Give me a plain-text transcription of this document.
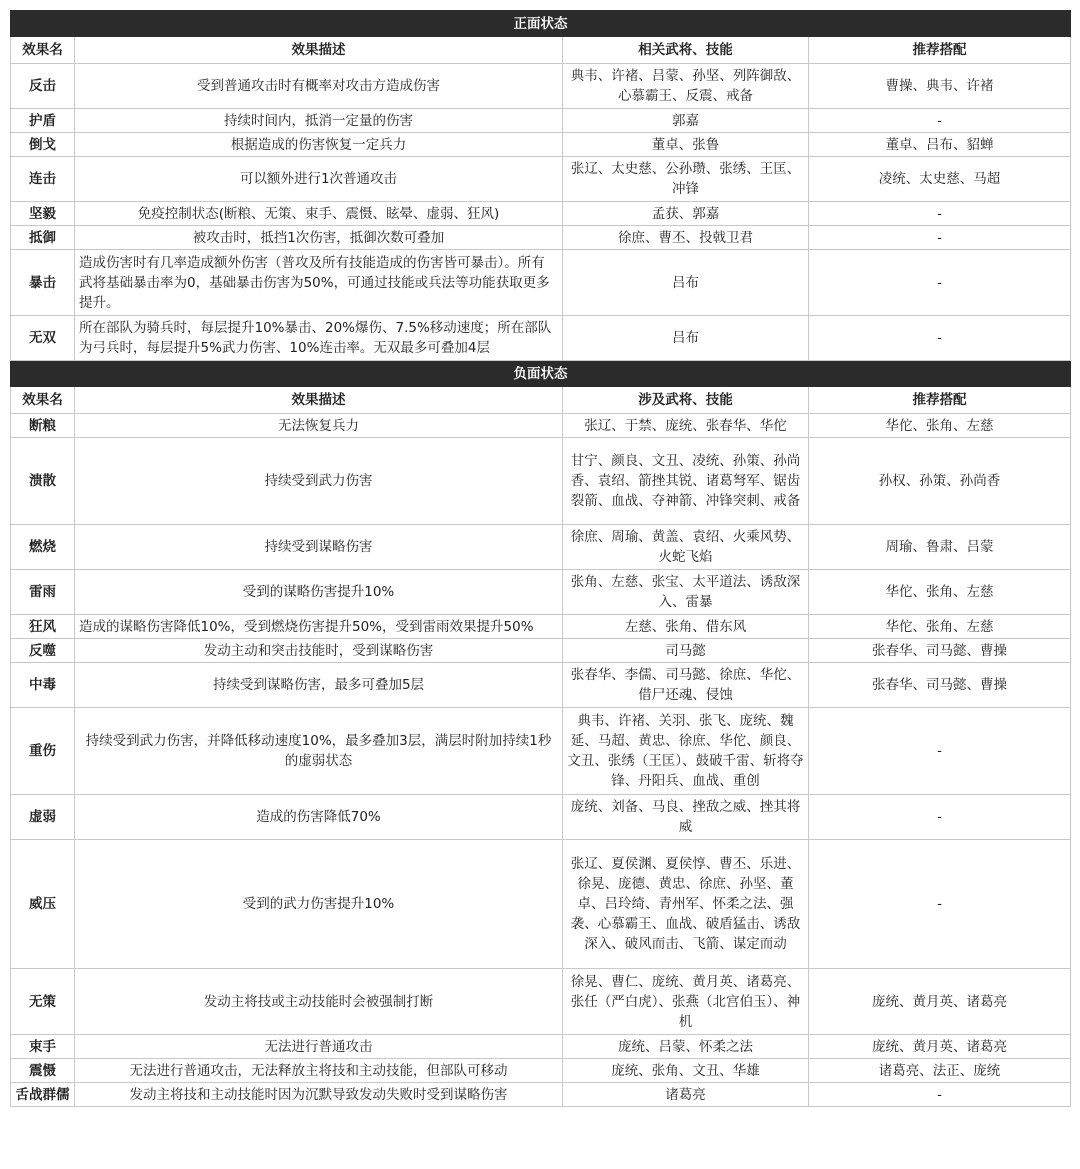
正面状态			
效果名	效果描述	相关武将、技能	推荐搭配
反击	受到普通攻击时有概率对攻击方造成伤害	典韦、许褚、吕蒙、孙坚、列阵御敌、心慕霸王、反震、戒备	曹操、典韦、许褚
护盾	持续时间内，抵消一定量的伤害	郭嘉	-
倒戈	根据造成的伤害恢复一定兵力	董卓、张鲁	董卓、吕布、貂蝉
连击	可以额外进行1次普通攻击	张辽、太史慈、公孙瓒、张绣、王匡、冲锋	凌统、太史慈、马超
坚毅	免疫控制状态(断粮、无策、束手、震慑、眩晕、虚弱、狂风)	孟获、郭嘉	-
抵御	被攻击时，抵挡1次伤害，抵御次数可叠加	徐庶、曹丕、投戟卫君	-
暴击	造成伤害时有几率造成额外伤害（普攻及所有技能造成的伤害皆可暴击）。所有武将基础暴击率为0，基础暴击伤害为50%，可通过技能或兵法等功能获取更多提升。	吕布	-
无双	所在部队为骑兵时，每层提升10%暴击、20%爆伤、7.5%移动速度；所在部队为弓兵时，每层提升5%武力伤害、10%连击率。无双最多可叠加4层	吕布	-
负面状态			
效果名	效果描述	涉及武将、技能	推荐搭配
断粮	无法恢复兵力	张辽、于禁、庞统、张春华、华佗	华佗、张角、左慈
溃散	持续受到武力伤害	甘宁、颜良、文丑、凌统、孙策、孙尚香、袁绍、箭挫其锐、诸葛弩军、锯齿裂箭、血战、夺神箭、冲锋突刺、戒备	孙权、孙策、孙尚香
燃烧	持续受到谋略伤害	徐庶、周瑜、黄盖、袁绍、火乘风势、火蛇飞焰	周瑜、鲁肃、吕蒙
雷雨	受到的谋略伤害提升10%	张角、左慈、张宝、太平道法、诱敌深入、雷暴	华佗、张角、左慈
狂风	造成的谋略伤害降低10%，受到燃烧伤害提升50%，受到雷雨效果提升50%	左慈、张角、借东风	华佗、张角、左慈
反噬	发动主动和突击技能时，受到谋略伤害	司马懿	张春华、司马懿、曹操
中毒	持续受到谋略伤害，最多可叠加5层	张春华、李儒、司马懿、徐庶、华佗、借尸还魂、侵蚀	张春华、司马懿、曹操
重伤	持续受到武力伤害，并降低移动速度10%，最多叠加3层，满层时附加持续1秒的虚弱状态	典韦、许褚、关羽、张飞、庞统、魏延、马超、黄忠、徐庶、华佗、颜良、文丑、张绣（王匡）、鼓破千雷、斩将夺锋、丹阳兵、血战、重创	-
虚弱	造成的伤害降低70%	庞统、刘备、马良、挫敌之威、挫其将威	-
威压	受到的武力伤害提升10%	张辽、夏侯渊、夏侯惇、曹丕、乐进、徐晃、庞德、黄忠、徐庶、孙坚、董卓、吕玲绮、青州军、怀柔之法、强袭、心慕霸王、血战、破盾猛击、诱敌深入、破风而击、飞箭、谋定而动	-
无策	发动主将技或主动技能时会被强制打断	徐晃、曹仁、庞统、黄月英、诸葛亮、张任（严白虎）、张燕（北宫伯玉）、神机	庞统、黄月英、诸葛亮
束手	无法进行普通攻击	庞统、吕蒙、怀柔之法	庞统、黄月英、诸葛亮
震慑	无法进行普通攻击，无法释放主将技和主动技能，但部队可移动	庞统、张角、文丑、华雄	诸葛亮、法正、庞统
舌战群儒	发动主将技和主动技能时因为沉默导致发动失败时受到谋略伤害	诸葛亮	-
